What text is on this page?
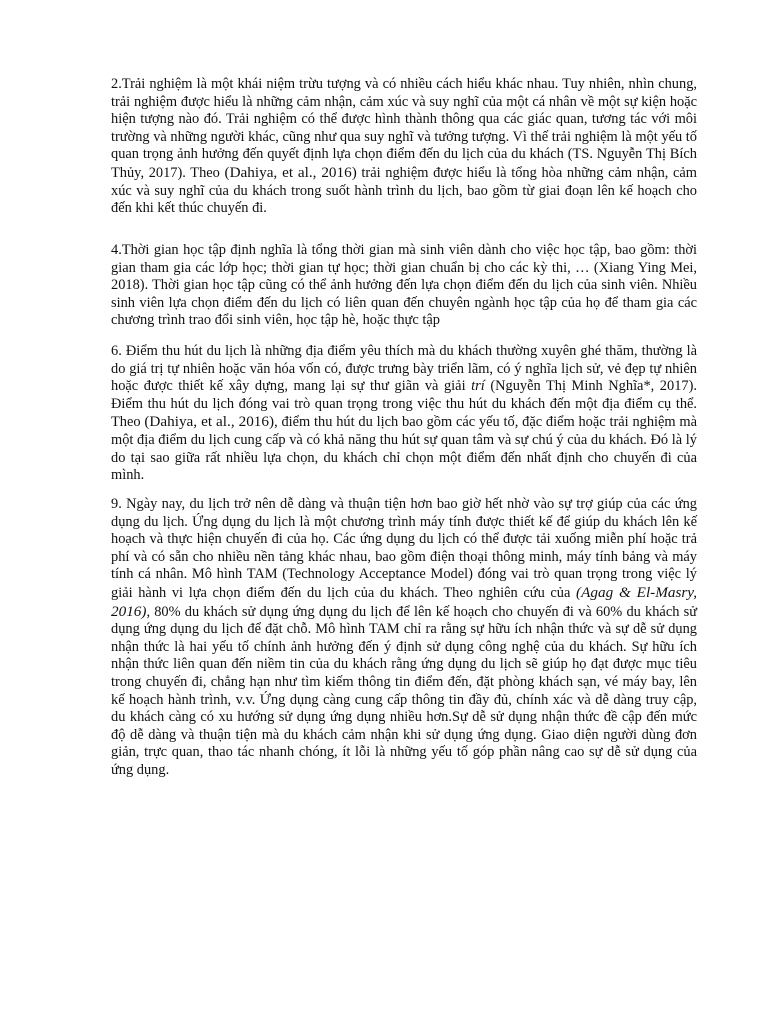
2.Trải nghiệm là một khái niệm trừu tượng và có nhiều cách hiểu khác nhau. Tuy nhiên, nhìn chung, trải nghiệm được hiểu là những cảm nhận, cảm xúc và suy nghĩ của một cá nhân về một sự kiện hoặc hiện tượng nào đó. Trải nghiệm có thể được hình thành thông qua các giác quan, tương tác với môi trường và những người khác, cũng như qua suy nghĩ và tưởng tượng. Vì thế trải nghiệm là một yếu tố quan trọng ảnh hưởng đến quyết định lựa chọn điểm đến du lịch của du khách (TS. Nguyễn Thị Bích Thủy, 2017). Theo (Dahiya, et al., 2016) trải nghiệm được hiểu là tổng hòa những cảm nhận, cảm xúc và suy nghĩ của du khách trong suốt hành trình du lịch, bao gồm từ giai đoạn lên kế hoạch cho đến khi kết thúc chuyến đi.

4.Thời gian học tập định nghĩa là tổng thời gian mà sinh viên dành cho việc học tập, bao gồm: thời gian tham gia các lớp học; thời gian tự học; thời gian chuẩn bị cho các kỳ thi, … (Xiang Ying Mei, 2018). Thời gian học tập cũng có thể ảnh hưởng đến lựa chọn điểm đến du lịch của sinh viên. Nhiều sinh viên lựa chọn điểm đến du lịch có liên quan đến chuyên ngành học tập của họ để tham gia các chương trình trao đổi sinh viên, học tập hè, hoặc thực tập

6. Điểm thu hút du lịch là những địa điểm yêu thích mà du khách thường xuyên ghé thăm, thường là do giá trị tự nhiên hoặc văn hóa vốn có, được trưng bày triển lãm, có ý nghĩa lịch sử, vẻ đẹp tự nhiên hoặc được thiết kế xây dựng, mang lại sự thư giãn và giải trí (Nguyễn Thị Minh Nghĩa*, 2017). Điểm thu hút du lịch đóng vai trò quan trọng trong việc thu hút du khách đến một địa điểm cụ thể. Theo (Dahiya, et al., 2016), điểm thu hút du lịch bao gồm các yếu tố, đặc điểm hoặc trải nghiệm mà một địa điểm du lịch cung cấp và có khả năng thu hút sự quan tâm và sự chú ý của du khách. Đó là lý do tại sao giữa rất nhiều lựa chọn, du khách chỉ chọn một điểm đến nhất định cho chuyến đi của mình.

9. Ngày nay, du lịch trở nên dễ dàng và thuận tiện hơn bao giờ hết nhờ vào sự trợ giúp của các ứng dụng du lịch. Ứng dụng du lịch là một chương trình máy tính được thiết kế để giúp du khách lên kế hoạch và thực hiện chuyến đi của họ. Các ứng dụng du lịch có thể được tải xuống miễn phí hoặc trả phí và có sẵn cho nhiều nền tảng khác nhau, bao gồm điện thoại thông minh, máy tính bảng và máy tính cá nhân. Mô hình TAM (Technology Acceptance Model) đóng vai trò quan trọng trong việc lý giải hành vi lựa chọn điểm đến du lịch của du khách. Theo nghiên cứu của (Agag & El-Masry, 2016), 80% du khách sử dụng ứng dụng du lịch để lên kế hoạch cho chuyến đi và 60% du khách sử dụng ứng dụng du lịch để đặt chỗ. Mô hình TAM chỉ ra rằng sự hữu ích nhận thức và sự dễ sử dụng nhận thức là hai yếu tố chính ảnh hưởng đến ý định sử dụng công nghệ của du khách. Sự hữu ích nhận thức liên quan đến niềm tin của du khách rằng ứng dụng du lịch sẽ giúp họ đạt được mục tiêu trong chuyến đi, chẳng hạn như tìm kiếm thông tin điểm đến, đặt phòng khách sạn, vé máy bay, lên kế hoạch hành trình, v.v. Ứng dụng càng cung cấp thông tin đầy đủ, chính xác và dễ dàng truy cập, du khách càng có xu hướng sử dụng ứng dụng nhiều hơn.Sự dễ sử dụng nhận thức đề cập đến mức độ dễ dàng và thuận tiện mà du khách cảm nhận khi sử dụng ứng dụng. Giao diện người dùng đơn giản, trực quan, thao tác nhanh chóng, ít lỗi là những yếu tố góp phần nâng cao sự dễ sử dụng của ứng dụng.
